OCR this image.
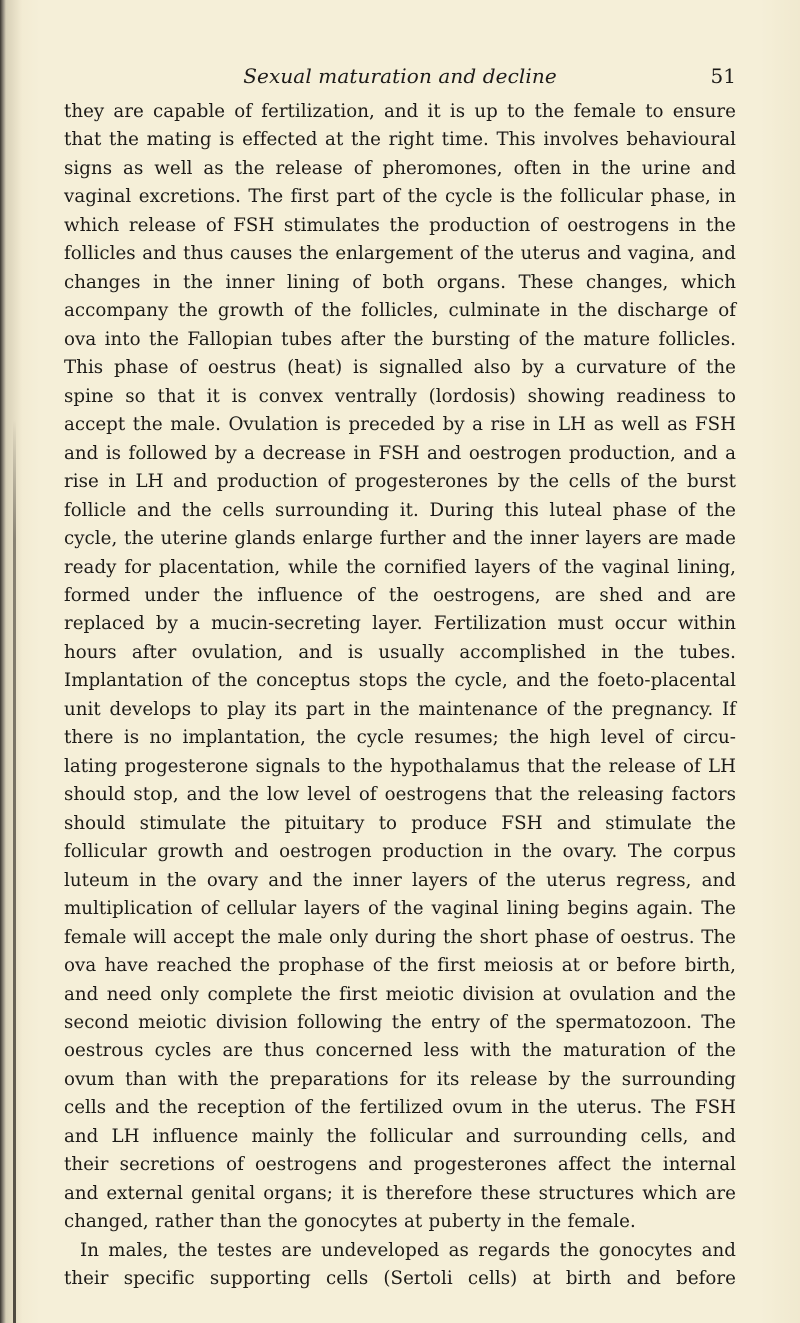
Sexual maturation and decline	51
they are capable of fertilization, and it is up to the female to ensure
that the mating is effected at the right time. This involves behavioural
signs as well as the release of pheromones, often in the urine and
vaginal excretions. The first part of the cycle is the follicular phase, in
which release of FSH stimulates the production of oestrogens in the
follicles and thus causes the enlargement of the uterus and vagina, and
changes in the inner lining of both organs. These changes, which
accompany the growth of the follicles, culminate in the discharge of
ova into the Fallopian tubes after the bursting of the mature follicles.
This phase of oestrus (heat) is signalled also by a curvature of the
spine so that it is convex ventrally (lordosis) showing readiness to
accept the male. Ovulation is preceded by a rise in LH as well as FSH
and is followed by a decrease in FSH and oestrogen production, and a
rise in LH and production of progesterones by the cells of the burst
follicle and the cells surrounding it. During this luteal phase of the
cycle, the uterine glands enlarge further and the inner layers are made
ready for placentation, while the cornified layers of the vaginal lining,
formed under the influence of the oestrogens, are shed and are
replaced by a mucin-secreting layer. Fertilization must occur within
hours after ovulation, and is usually accomplished in the tubes.
Implantation of the conceptus stops the cycle, and the foeto-placental
unit develops to play its part in the maintenance of the pregnancy. If
there is no implantation, the cycle resumes; the high level of circu-
lating progesterone signals to the hypothalamus that the release of LH
should stop, and the low level of oestrogens that the releasing factors
should stimulate the pituitary to produce FSH and stimulate the
follicular growth and oestrogen production in the ovary. The corpus
luteum in the ovary and the inner layers of the uterus regress, and
multiplication of cellular layers of the vaginal lining begins again. The
female will accept the male only during the short phase of oestrus. The
ova have reached the prophase of the first meiosis at or before birth,
and need only complete the first meiotic division at ovulation and the
second meiotic division following the entry of the spermatozoon. The
oestrous cycles are thus concerned less with the maturation of the
ovum than with the preparations for its release by the surrounding
cells and the reception of the fertilized ovum in the uterus. The FSH
and LH influence mainly the follicular and surrounding cells, and
their secretions of oestrogens and progesterones affect the internal
and external genital organs; it is therefore these structures which are
changed, rather than the gonocytes at puberty in the female.
In males, the testes are undeveloped as regards the gonocytes and
their specific supporting cells (Sertoli cells) at birth and before
